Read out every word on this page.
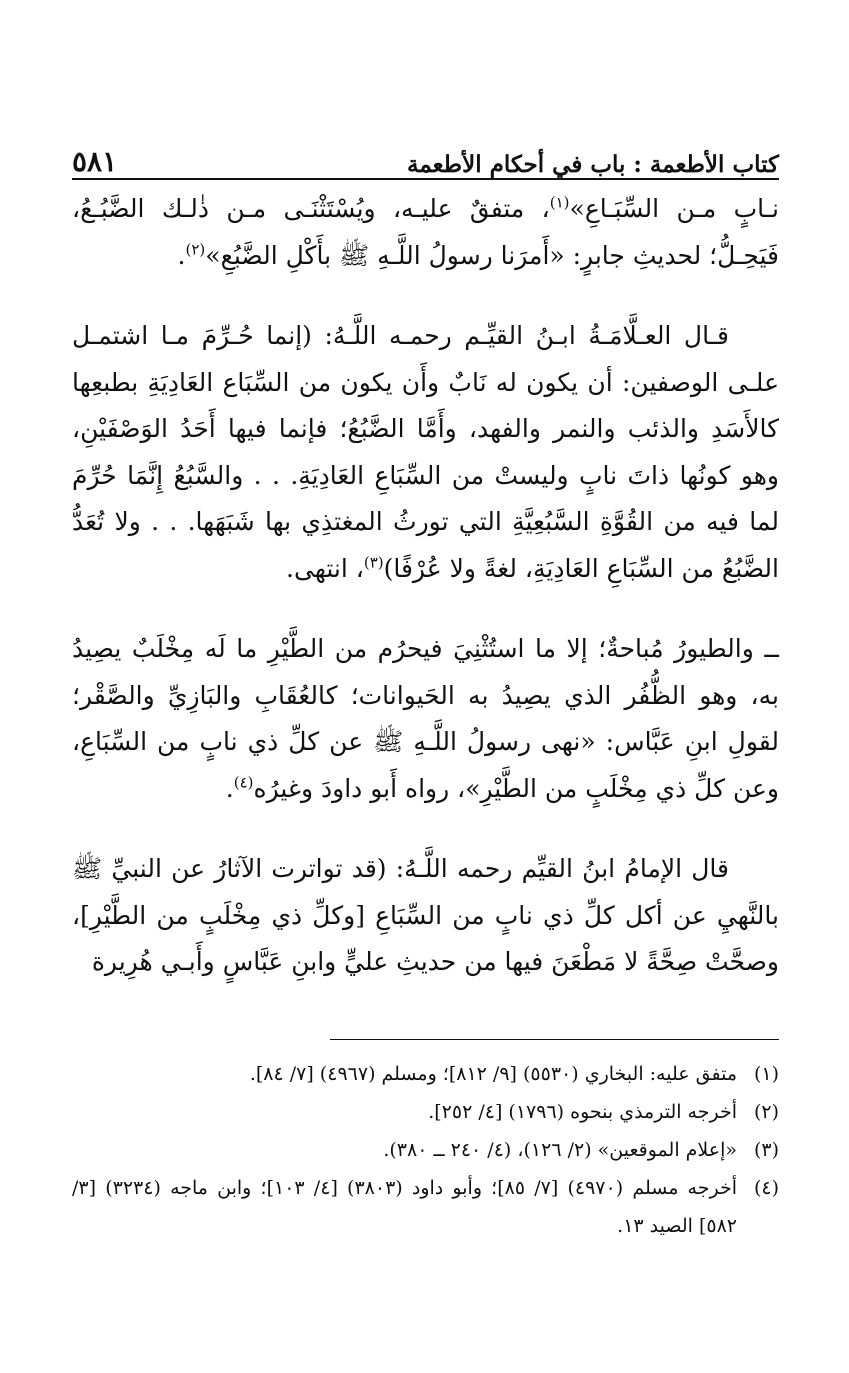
كتاب الأطعمة : باب في أحكام الأطعمة
٥٨١

نـابٍ مـن السِّبَـاعِ»$^{(١)}$، متفقٌ عليـه، ويُسْتَثْنَـى مـن ذٰلـك الضَّبُـعُ، فَيَحِـلُّ؛ لحديثِ جابرٍ: «أَمرَنا رسولُ اللَّـهِ ﷺ بأَكْلِ الضَّبُعِ»$^{(٢)}$.

قـال العـلَّامَـةُ ابـنُ القيِّـم رحمـه اللَّـهُ: (إنما حُـرِّمَ مـا اشتمـل علـى الوصفين: أن يكون له نَابٌ وأَن يكون من السِّبَاع العَادِيَةِ بطبعِها كالأَسَدِ والذئب والنمر والفهد، وأَمَّا الضَّبُعُ؛ فإنما فيها أَحَدُ الوَصْفَيْنِ، وهو كونُها ذاتَ نابٍ وليستْ من السِّبَاعِ العَادِيَةِ. . . والسَّبُعُ إِنَّمَا حُرِّمَ لما فيه من القُوَّةِ السَّبُعِيَّةِ التي تورثُ المغتذِي بها شَبَهَها. . . ولا تُعَدُّ الضَّبُعُ من السِّبَاعِ العَادِيَةِ، لغةً ولا عُرْفًا)$^{(٣)}$، انتهى.

ــ والطيورُ مُباحةٌ؛ إلا ما استُثْنِيَ فيحرُم من الطَّيْرِ ما لَه مِخْلَبٌ يصِيدُ به، وهو الظُّفُر الذي يصِيدُ به الحَيوانات؛ كالعُقَابِ والبَازِيِّ والصَّقْر؛ لقولِ ابنِ عَبَّاس: «نهى رسولُ اللَّـهِ ﷺ عن كلِّ ذي نابٍ من السِّبَاعِ، وعن كلِّ ذي مِخْلَبٍ من الطَّيْرِ»، رواه أَبو داودَ وغيرُه$^{(٤)}$.

قال الإمامُ ابنُ القيِّم رحمه اللَّـهُ: (قد تواترت الآثارُ عن النبيِّ ﷺ بالنَّهيِ عن أكل كلِّ ذي نابٍ من السِّبَاعِ [وكلِّ ذي مِخْلَبٍ من الطَّيْرِ]، وصحَّتْ صِحَّةً لا مَطْعَنَ فيها من حديثِ عليٍّ وابنِ عَبَّاسٍ وأَبـي هُرِيرة

(١)
متفق عليه: البخاري (٥٥٣٠) [٩/ ٨١٢]؛ ومسلم (٤٩٦٧) [٧/ ٨٤].
(٢)
أخرجه الترمذي بنحوه (١٧٩٦) [٤/ ٢٥٢].
(٣)
«إعلام الموقعين» (٢/ ١٢٦)، (٤/ ٢٤٠ ــ ٣٨٠).
(٤)
أخرجه مسلم (٤٩٧٠) [٧/ ٨٥]؛ وأبو داود (٣٨٠٣) [٤/ ١٠٣]؛ وابن ماجه (٣٢٣٤) [٣/ ٥٨٢] الصيد ١٣.
